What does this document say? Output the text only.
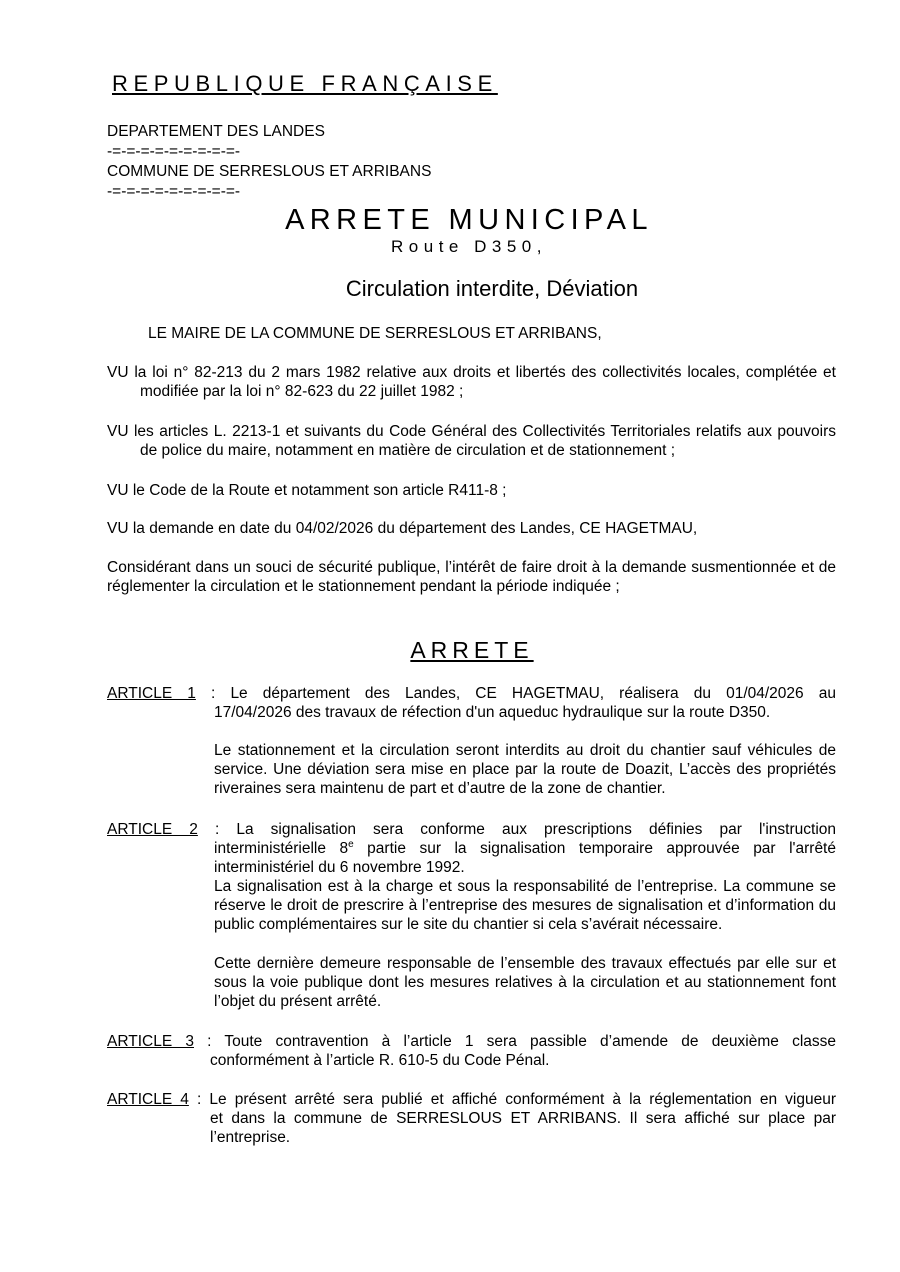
REPUBLIQUE FRANÇAISE
DEPARTEMENT DES LANDES
-=-=-=-=-=-=-=-=-=-
COMMUNE DE SERRESLOUS ET ARRIBANS
-=-=-=-=-=-=-=-=-=-
ARRETE MUNICIPAL
Route D350,
Circulation interdite, Déviation
LE MAIRE DE LA COMMUNE DE SERRESLOUS ET ARRIBANS,
VU la loi n° 82-213 du 2 mars 1982 relative aux droits et libertés des collectivités locales, complétée et modifiée par la loi n° 82-623 du 22 juillet 1982 ;
VU les articles L. 2213-1 et suivants du Code Général des Collectivités Territoriales relatifs aux pouvoirs de police du maire, notamment en matière de circulation et de stationnement ;
VU le Code de la Route et notamment son article R411-8 ;
VU la demande en date du 04/02/2026 du département des Landes, CE HAGETMAU,
Considérant dans un souci de sécurité publique, l’intérêt de faire droit à la demande susmentionnée et de réglementer la circulation et le stationnement pendant la période indiquée ;
ARRETE
ARTICLE 1 : Le département des Landes, CE HAGETMAU, réalisera du 01/04/2026 au
17/04/2026 des travaux de réfection d'un aqueduc hydraulique sur la route D350.
Le stationnement et la circulation seront interdits au droit du chantier sauf véhicules de service. Une déviation sera mise en place par la route de Doazit, L’accès des propriétés riveraines sera maintenu de part et d’autre de la zone de chantier.
ARTICLE 2 : La signalisation sera conforme aux prescriptions définies par l'instruction
interministérielle 8e partie sur la signalisation temporaire approuvée par l'arrêté interministériel du 6 novembre 1992.
La signalisation est à la charge et sous la responsabilité de l’entreprise. La commune se réserve le droit de prescrire à l’entreprise des mesures de signalisation et d’information du public complémentaires sur le site du chantier si cela s’avérait nécessaire.
Cette dernière demeure responsable de l’ensemble des travaux effectués par elle sur et sous la voie publique dont les mesures relatives à la circulation et au stationnement font l’objet du présent arrêté.
ARTICLE 3 : Toute contravention à l’article 1 sera passible d’amende de deuxième classe
conformément à l’article R. 610-5 du Code Pénal.
ARTICLE 4 : Le présent arrêté sera publié et affiché conformément à la réglementation en vigueur
et dans la commune de SERRESLOUS ET ARRIBANS. Il sera affiché sur place par l’entreprise.
